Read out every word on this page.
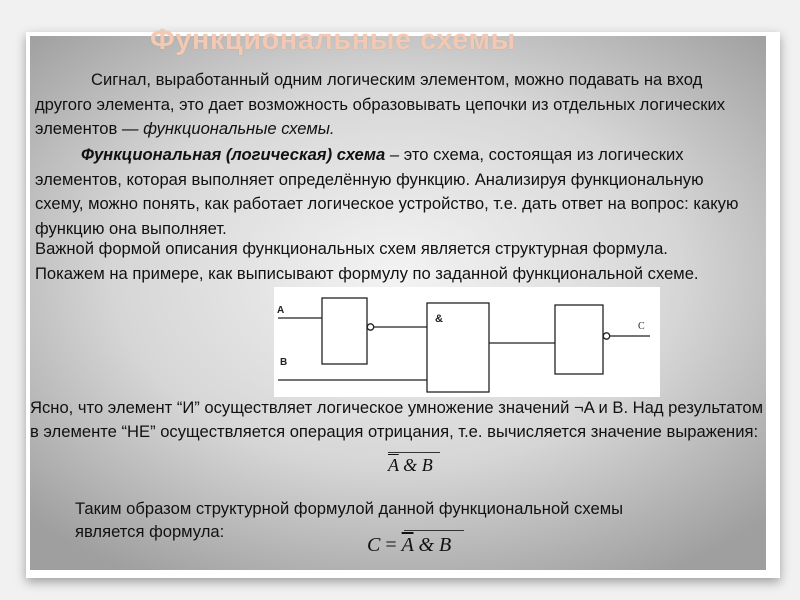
Функциональные схемы
Сигнал, выработанный одним логическим элементом, можно подавать на вход другого элемента, это дает возможность образовывать цепочки из отдельных логических элементов — функциональные схемы.
Функциональная (логическая) схема – это схема, состоящая из логических элементов, которая выполняет определённую функцию. Анализируя функциональную схему, можно понять, как работает логическое устройство, т.е. дать ответ на вопрос: какую функцию она выполняет.
Важной формой описания функциональных схем является структурная формула. Покажем на примере, как выписывают формулу по заданной функциональной схеме.
A
B
&
C
Ясно, что элемент “И” осуществляет логическое умножение значений ¬A и B. Над результатом в элементе “НЕ” осуществляется операция отрицания, т.е. вычисляется значение выражения:
$\overline{A}$ & B
Таким образом структурной формулой данной функциональной схемы является формула:
$C = \overline{A}$ & B
